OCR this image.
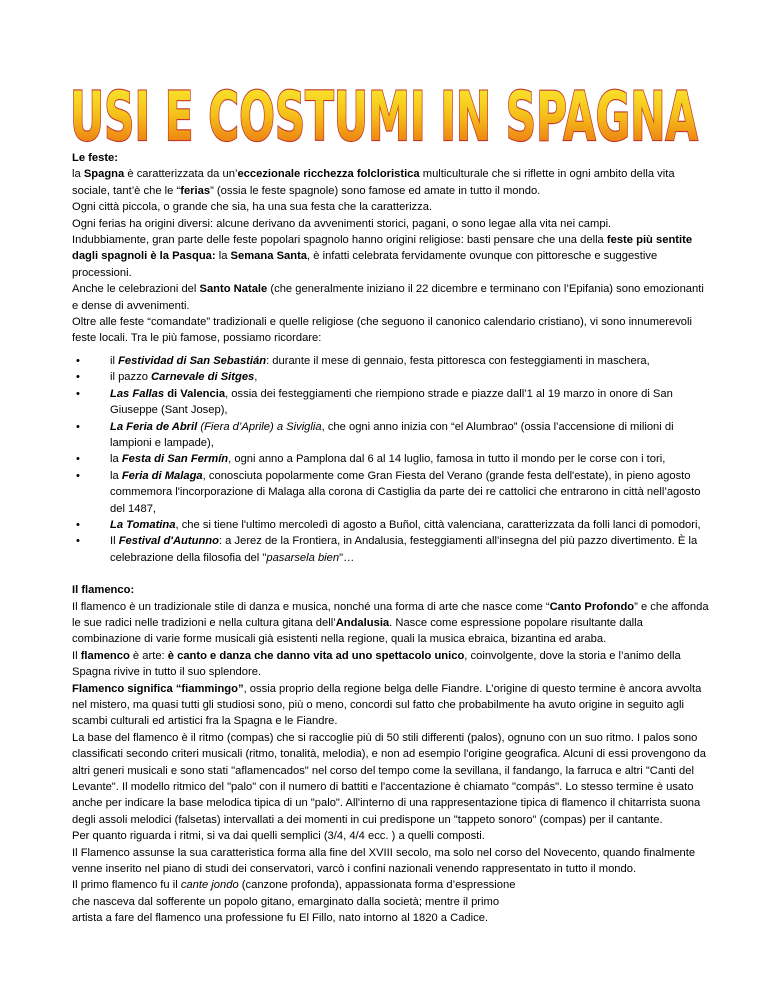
USI E COSTUMI IN SPAGNA

Le feste:

la Spagna è caratterizzata da un’eccezionale ricchezza folcloristica multiculturale che si riflette in ogni ambito della vita sociale, tant’è che le “ferias” (ossia le feste spagnole) sono famose ed amate in tutto il mondo.

Ogni città piccola, o grande che sia, ha una sua festa che la caratterizza.

Ogni ferias ha origini diversi: alcune derivano da avvenimenti storici, pagani, o sono legae alla vita nei campi.

Indubbiamente, gran parte delle feste popolari spagnolo hanno origini religiose: basti pensare che una della feste più sentite dagli spagnoli è la Pasqua: la Semana Santa, è infatti celebrata fervidamente ovunque con pittoresche e suggestive processioni.

Anche le celebrazioni del Santo Natale (che generalmente iniziano il 22 dicembre e terminano con l’Epifania) sono emozionanti e dense di avvenimenti.

Oltre alle feste “comandate” tradizionali e quelle religiose (che seguono il canonico calendario cristiano), vi sono innumerevoli feste locali. Tra le più famose, possiamo ricordare:

•	il Festividad di San Sebastián: durante il mese di gennaio, festa pittoresca con festeggiamenti in maschera,
•	il pazzo Carnevale di Sitges,
•	Las Fallas di Valencia, ossia dei festeggiamenti che riempiono strade e piazze dall’1 al 19 marzo in onore di San Giuseppe (Sant Josep),
•	La Feria de Abril (Fiera d’Aprile) a Siviglia, che ogni anno inizia con “el Alumbrao” (ossia l’accensione di milioni di lampioni e lampade),
•	la Festa di San Fermín, ogni anno a Pamplona dal 6 al 14 luglio, famosa in tutto il mondo per le corse con i tori,
•	la Feria di Malaga, conosciuta popolarmente come Gran Fiesta del Verano (grande festa dell'estate), in pieno agosto commemora l'incorporazione di Malaga alla corona di Castiglia da parte dei re cattolici che entrarono in città nell’agosto del 1487,
•	La Tomatina, che si tiene l'ultimo mercoledì di agosto a Buñol, città valenciana, caratterizzata da folli lanci di pomodori,
•	Il Festival d'Autunno: a Jerez de la Frontiera, in Andalusia, festeggiamenti all’insegna del più pazzo divertimento. È la celebrazione della filosofia del "pasarsela bien"…

Il flamenco:

Il flamenco è un tradizionale stile di danza e musica, nonché una forma di arte che nasce come “Canto Profondo” e che affonda le sue radici nelle tradizioni e nella cultura gitana dell’Andalusia. Nasce come espressione popolare risultante dalla combinazione di varie forme musicali già esistenti nella regione, quali la musica ebraica, bizantina ed araba.

Il flamenco è arte: è canto e danza che danno vita ad uno spettacolo unico, coinvolgente, dove la storia e l’animo della Spagna rivive in tutto il suo splendore.

Flamenco significa “fiammingo”, ossia proprio della regione belga delle Fiandre. L’origine di questo termine è ancora avvolta nel mistero, ma quasi tutti gli studiosi sono, più o meno, concordi sul fatto che probabilmente ha avuto origine in seguito agli scambi culturali ed artistici fra la Spagna e le Fiandre.

La base del flamenco è il ritmo (compas) che si raccoglie più di 50 stili differenti (palos), ognuno con un suo ritmo. I palos sono classificati secondo criteri musicali (ritmo, tonalità, melodia), e non ad esempio l'origine geografica. Alcuni di essi provengono da altri generi musicali e sono stati "aflamencados" nel corso del tempo come la sevillana, il fandango, la farruca e altri "Canti del Levante". Il modello ritmico del "palo" con il numero di battiti e l'accentazione è chiamato "compás". Lo stesso termine è usato anche per indicare la base melodica tipica di un "palo". All'interno di una rappresentazione tipica di flamenco il chitarrista suona degli assoli melodici (falsetas) intervallati a dei momenti in cui predispone un "tappeto sonoro" (compas) per il cantante.

Per quanto riguarda i ritmi, si va dai quelli semplici (3/4, 4/4 ecc. ) a quelli composti.

Il Flamenco assunse la sua caratteristica forma alla fine del XVIII secolo, ma solo nel corso del Novecento, quando finalmente venne inserito nel piano di studi dei conservatori, varcò i confini nazionali venendo rappresentato in tutto il mondo.

Il primo flamenco fu il cante jondo (canzone profonda), appassionata forma d’espressione

che nasceva dal sofferente un popolo gitano, emarginato dalla società; mentre il primo

artista a fare del flamenco una professione fu El Fillo, nato intorno al 1820 a Cadice.
